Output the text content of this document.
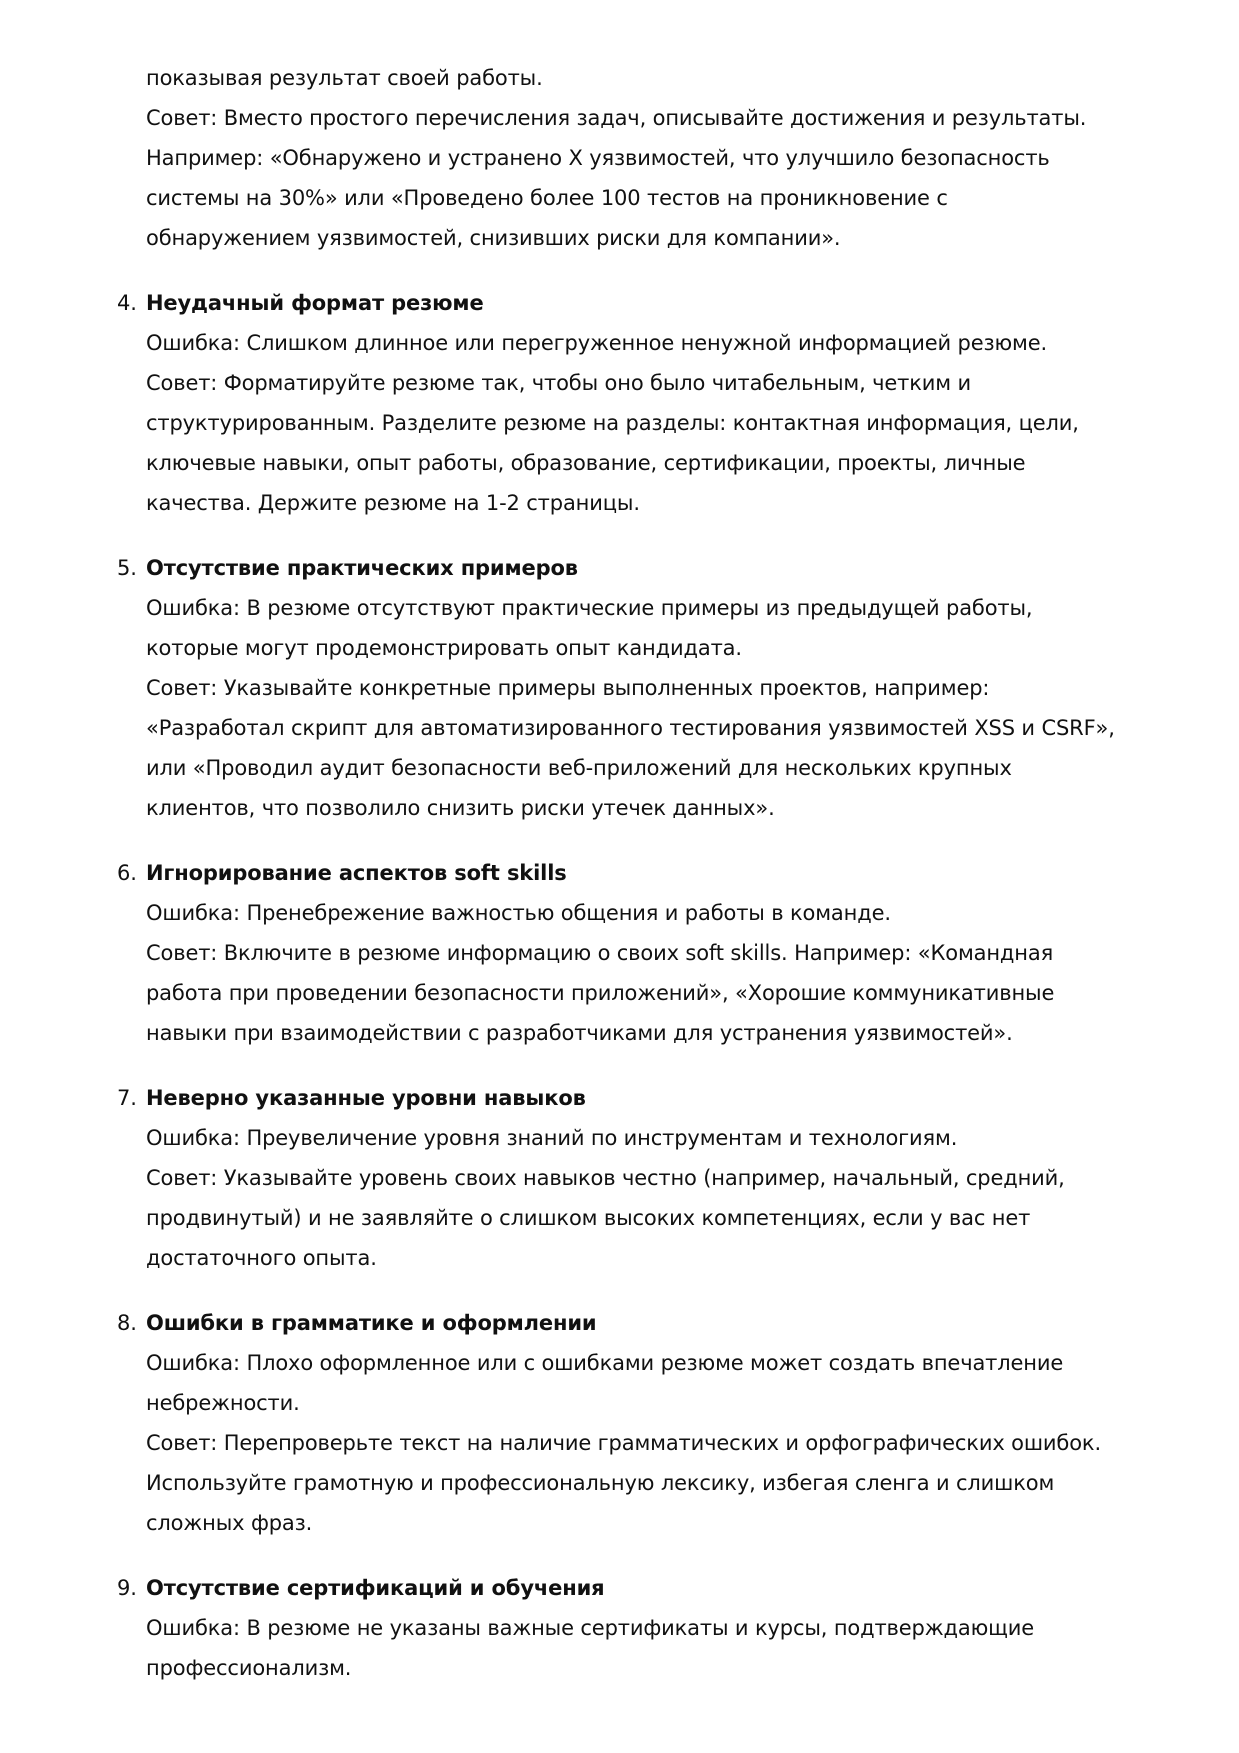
показывая результат своей работы.
Совет: Вместо простого перечисления задач, описывайте достижения и результаты.
Например: «Обнаружено и устранено X уязвимостей, что улучшило безопасность
системы на 30%» или «Проведено более 100 тестов на проникновение с
обнаружением уязвимостей, снизивших риски для компании».
4. Неудачный формат резюме
Ошибка: Слишком длинное или перегруженное ненужной информацией резюме.
Совет: Форматируйте резюме так, чтобы оно было читабельным, четким и
структурированным. Разделите резюме на разделы: контактная информация, цели,
ключевые навыки, опыт работы, образование, сертификации, проекты, личные
качества. Держите резюме на 1-2 страницы.
5. Отсутствие практических примеров
Ошибка: В резюме отсутствуют практические примеры из предыдущей работы,
которые могут продемонстрировать опыт кандидата.
Совет: Указывайте конкретные примеры выполненных проектов, например:
«Разработал скрипт для автоматизированного тестирования уязвимостей XSS и CSRF»,
или «Проводил аудит безопасности веб-приложений для нескольких крупных
клиентов, что позволило снизить риски утечек данных».
6. Игнорирование аспектов soft skills
Ошибка: Пренебрежение важностью общения и работы в команде.
Совет: Включите в резюме информацию о своих soft skills. Например: «Командная
работа при проведении безопасности приложений», «Хорошие коммуникативные
навыки при взаимодействии с разработчиками для устранения уязвимостей».
7. Неверно указанные уровни навыков
Ошибка: Преувеличение уровня знаний по инструментам и технологиям.
Совет: Указывайте уровень своих навыков честно (например, начальный, средний,
продвинутый) и не заявляйте о слишком высоких компетенциях, если у вас нет
достаточного опыта.
8. Ошибки в грамматике и оформлении
Ошибка: Плохо оформленное или с ошибками резюме может создать впечатление
небрежности.
Совет: Перепроверьте текст на наличие грамматических и орфографических ошибок.
Используйте грамотную и профессиональную лексику, избегая сленга и слишком
сложных фраз.
9. Отсутствие сертификаций и обучения
Ошибка: В резюме не указаны важные сертификаты и курсы, подтверждающие
профессионализм.
